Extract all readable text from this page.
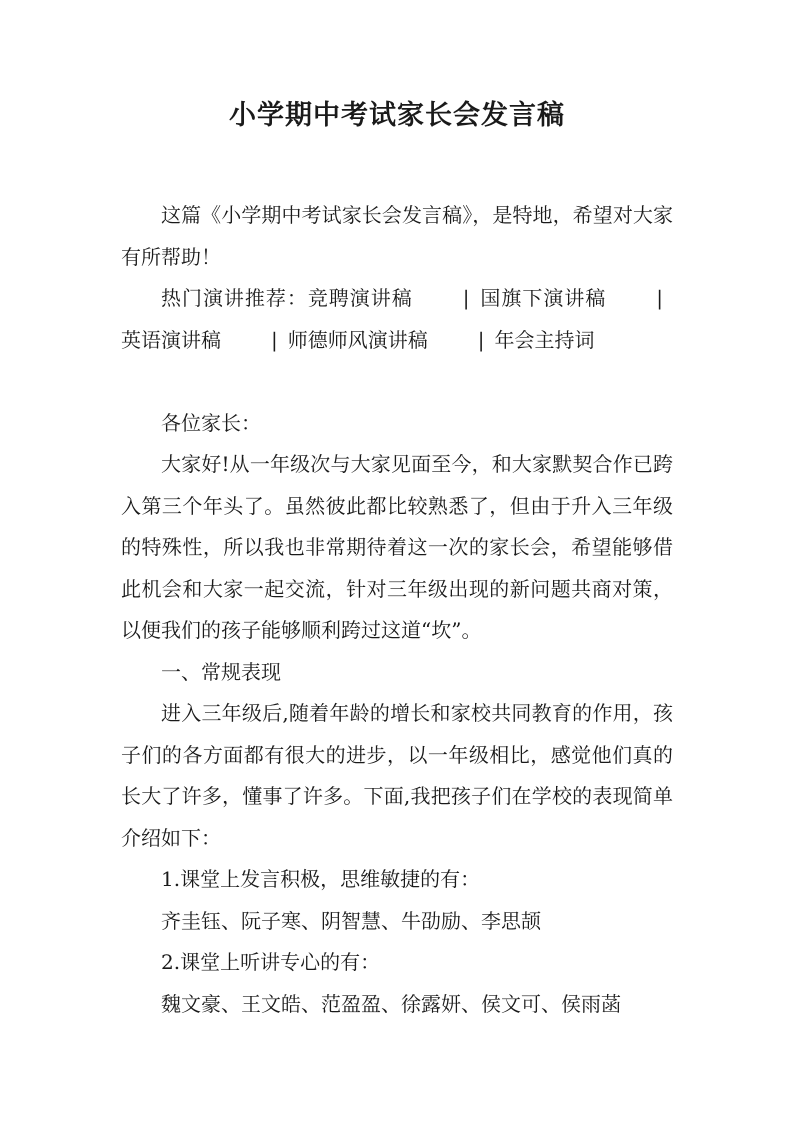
小学期中考试家长会发言稿

这篇《小学期中考试家长会发言稿》，是特地，希望对大家有所帮助！

热门演讲推荐：竞聘演讲稿	| 国旗下演讲稿	|英语演讲稿	| 师德师风演讲稿	| 年会主持词

各位家长：

大家好!从一年级次与大家见面至今，和大家默契合作已跨入第三个年头了。虽然彼此都比较熟悉了，但由于升入三年级的特殊性，所以我也非常期待着这一次的家长会，希望能够借此机会和大家一起交流，针对三年级出现的新问题共商对策，以便我们的孩子能够顺利跨过这道“坎”。

一、常规表现

进入三年级后,随着年龄的增长和家校共同教育的作用，孩子们的各方面都有很大的进步，以一年级相比，感觉他们真的长大了许多，懂事了许多。下面,我把孩子们在学校的表现简单介绍如下：

1.课堂上发言积极，思维敏捷的有：

齐圭钰、阮子寒、阴智慧、牛劭励、李思颉

2.课堂上听讲专心的有：

魏文豪、王文皓、范盈盈、徐露妍、侯文可、侯雨菡
